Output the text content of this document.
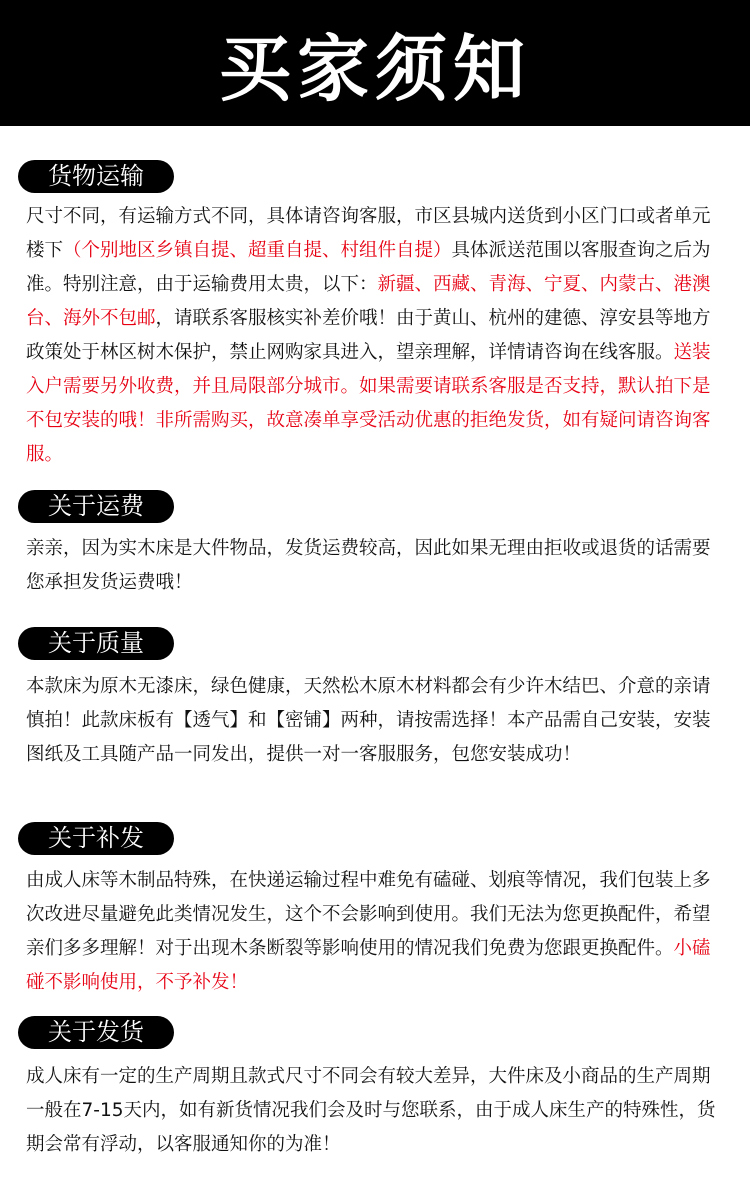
买家须知
货物运输
尺寸不同，有运输方式不同，具体请咨询客服，市区县城内送货到小区门口或者单元楼下（个别地区乡镇自提、超重自提、村组件自提）具体派送范围以客服查询之后为准。特别注意，由于运输费用太贵，以下：新疆、西藏、青海、宁夏、内蒙古、港澳台、海外不包邮，请联系客服核实补差价哦！由于黄山、杭州的建德、淳安县等地方政策处于林区树木保护，禁止网购家具进入，望亲理解，详情请咨询在线客服。送装入户需要另外收费，并且局限部分城市。如果需要请联系客服是否支持，默认拍下是不包安装的哦！非所需购买，故意凑单享受活动优惠的拒绝发货，如有疑问请咨询客服。
关于运费
亲亲，因为实木床是大件物品，发货运费较高，因此如果无理由拒收或退货的话需要您承担发货运费哦！
关于质量
本款床为原木无漆床，绿色健康，天然松木原木材料都会有少许木结巴、介意的亲请慎拍！此款床板有【透气】和【密铺】两种，请按需选择！本产品需自己安装，安装图纸及工具随产品一同发出，提供一对一客服服务，包您安装成功！
关于补发
由成人床等木制品特殊，在快递运输过程中难免有磕碰、划痕等情况，我们包装上多次改进尽量避免此类情况发生，这个不会影响到使用。我们无法为您更换配件，希望亲们多多理解！对于出现木条断裂等影响使用的情况我们免费为您跟更换配件。小磕碰不影响使用，不予补发！
关于发货
成人床有一定的生产周期且款式尺寸不同会有较大差异，大件床及小商品的生产周期一般在7-15天内，如有新货情况我们会及时与您联系，由于成人床生产的特殊性，货期会常有浮动，以客服通知你的为准！
